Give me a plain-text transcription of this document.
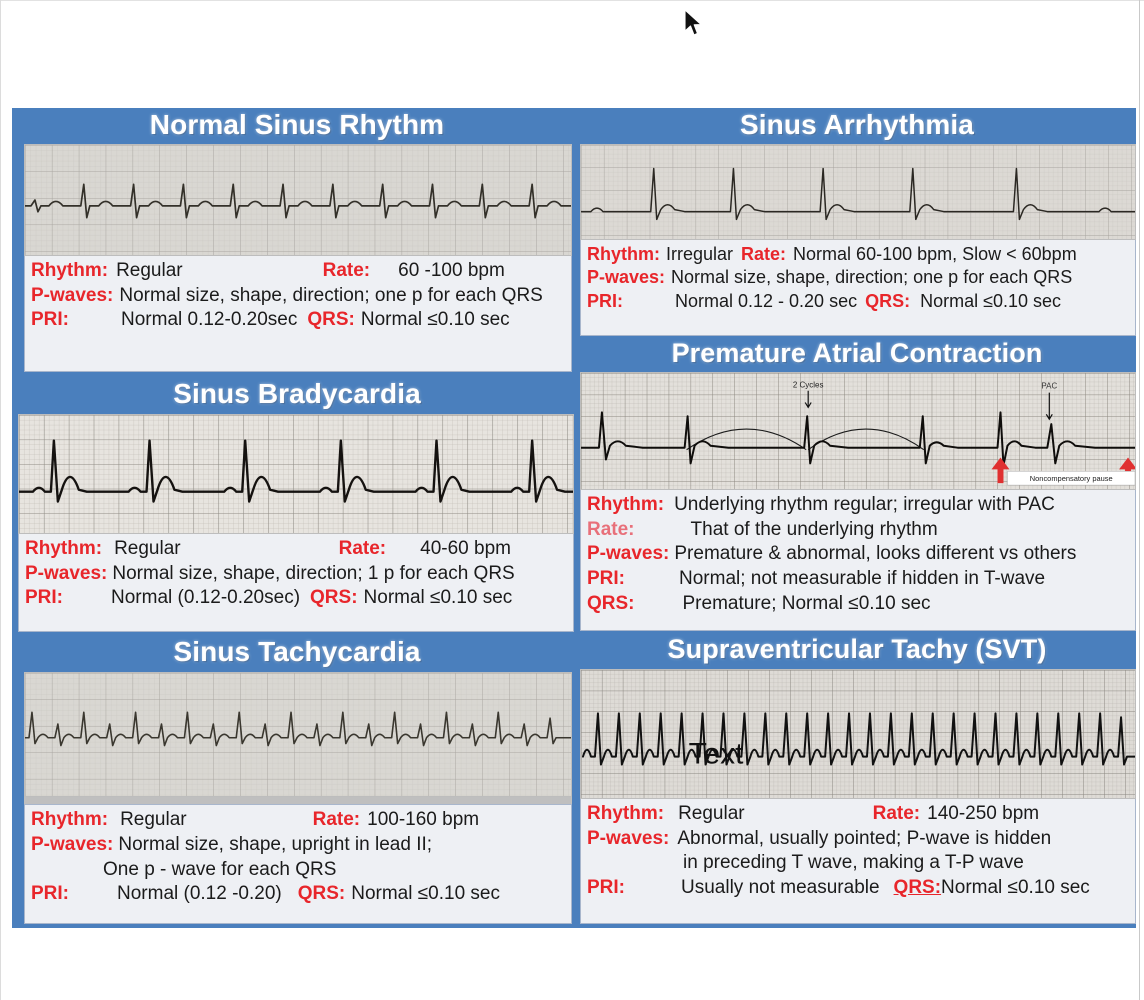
Normal Sinus Rhythm
Rhythm: Regular	Rate: 60 -100 bpm
P-waves: Normal size, shape, direction; one p for each QRS
PRI:	Normal 0.12-0.20sec QRS: Normal ≤0.10 sec
Sinus Bradycardia
Rhythm: Regular	Rate: 40-60 bpm
P-waves: Normal size, shape, direction; 1 p for each QRS
PRI:	Normal (0.12-0.20sec) QRS: Normal ≤0.10 sec
Sinus Tachycardia
Rhythm: Regular	Rate: 100-160 bpm
P-waves: Normal size, shape, upright in lead II;
One p - wave for each QRS
PRI:	Normal (0.12 -0.20) QRS: Normal ≤0.10 sec
Sinus Arrhythmia
Rhythm: Irregular Rate: Normal 60-100 bpm, Slow < 60bpm
P-waves: Normal size, shape, direction; one p for each QRS
PRI:	Normal 0.12 - 0.20 sec QRS: Normal ≤0.10 sec
Premature Atrial Contraction
2 Cycles	PAC
Noncompensatory pause
Rhythm: Underlying rhythm regular; irregular with PAC
Rate:	That of the underlying rhythm
P-waves: Premature & abnormal, looks different vs others
PRI:	Normal; not measurable if hidden in T-wave
QRS:	Premature; Normal ≤0.10 sec
Supraventricular Tachy (SVT)
Text
Rhythm: Regular	Rate: 140-250 bpm
P-waves: Abnormal, usually pointed; P-wave is hidden
in preceding T wave, making a T-P wave
PRI:	Usually not measurable QRS: Normal ≤0.10 sec
